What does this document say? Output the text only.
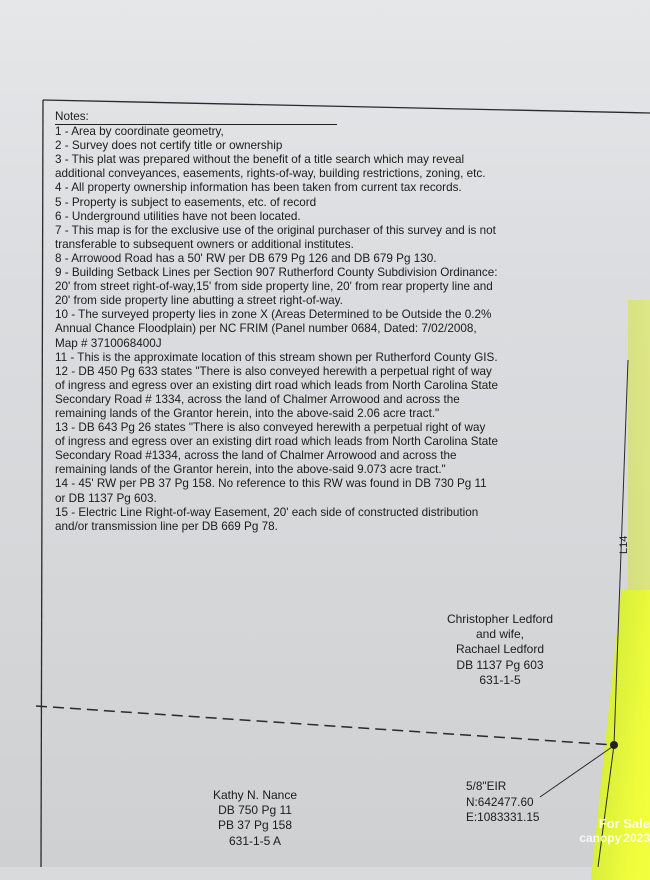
Notes:

1 - Area by coordinate geometry,

2 - Survey does not certify title or ownership

3 - This plat was prepared without the benefit of a title search which may reveal
additional conveyances, easements, rights-of-way, building restrictions, zoning, etc.

4 - All property ownership information has been taken from current tax records.

5 - Property is subject to easements, etc. of record

6 - Underground utilities have not been located.

7 - This map is for the exclusive use of the original purchaser of this survey and is not
transferable to subsequent owners or additional institutes.

8 - Arrowood Road has a 50' RW per DB 679 Pg 126 and DB 679 Pg 130.

9 - Building Setback Lines per Section 907 Rutherford County Subdivision Ordinance:
20' from street right-of-way,15' from side property line, 20' from rear property line and
20' from side property line abutting a street right-of-way.

10 - The surveyed property lies in zone X (Areas Determined to be Outside the 0.2%
Annual Chance Floodplain) per NC FRIM (Panel number 0684, Dated: 7/02/2008,
Map # 3710068400J

11 - This is the approximate location of this stream shown per Rutherford County GIS.

12 - DB 450 Pg 633 states "There is also conveyed herewith a perpetual right of way
of ingress and egress over an existing dirt road which leads from North Carolina State
Secondary Road # 1334, across the land of Chalmer Arrowood and across the
remaining lands of the Grantor herein, into the above-said 2.06 acre tract."

13 - DB 643 Pg 26 states "There is also conveyed herewith a perpetual right of way
of ingress and egress over an existing dirt road which leads from North Carolina State
Secondary Road #1334, across the land of Chalmer Arrowood and across the
remaining lands of the Grantor herein, into the above-said 9.073 acre tract."

14 - 45' RW per PB 37 Pg 158. No reference to this RW was found in DB 730 Pg 11
or DB 1137 Pg 603.

15 - Electric Line Right-of-way Easement, 20' each side of constructed distribution
and/or transmission line per DB 669 Pg 78.

Christopher Ledford
and wife,
Rachael Ledford
DB 1137 Pg 603
631-1-5
Kathy N. Nance
DB 750 Pg 11
PB 37 Pg 158
631-1-5 A
5/8"EIR
N:642477.60
E:1083331.15
L14
For Sale
canopy 2023
